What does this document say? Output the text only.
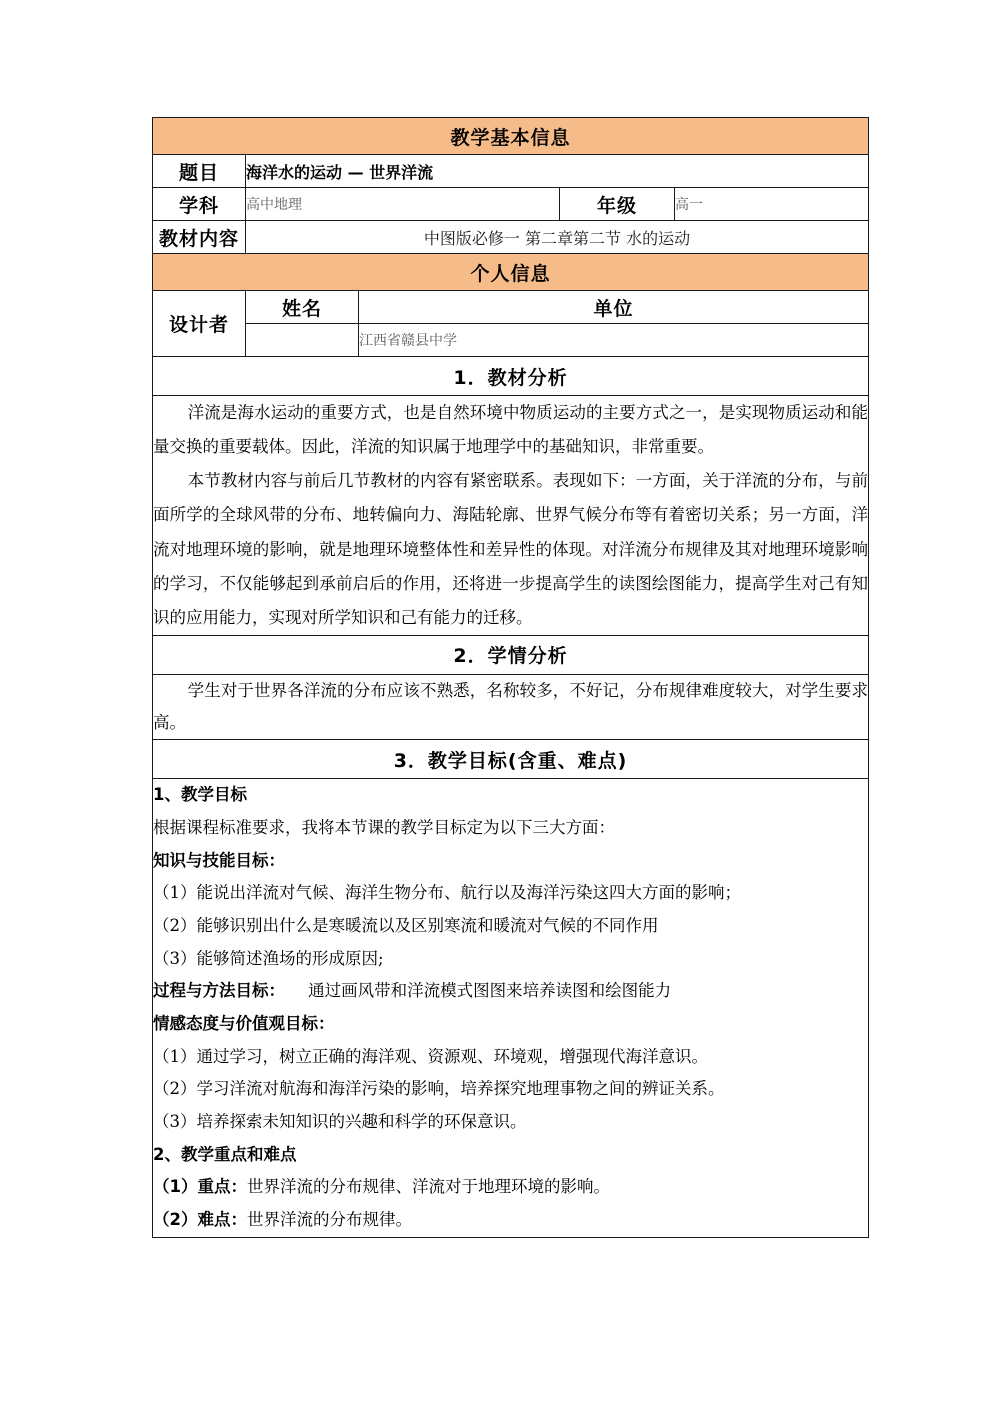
教学基本信息				
题目	海洋水的运动 — 世界洋流			
学科	高中地理		年级	高一
教材内容	中图版必修一 第二章第二节 水的运动			
个人信息				
设计者	姓名	单位		
		江西省赣县中学		
1．教材分析				

洋流是海水运动的重要方式，也是自然环境中物质运动的主要方式之一，是实现物质运动和能量交换的重要载体。因此，洋流的知识属于地理学中的基础知识，非常重要。

本节教材内容与前后几节教材的内容有紧密联系。表现如下：一方面，关于洋流的分布，与前面所学的全球风带的分布、地转偏向力、海陆轮廓、世界气候分布等有着密切关系；另一方面，洋流对地理环境的影响，就是地理环境整体性和差异性的体现。对洋流分布规律及其对地理环境影响的学习，不仅能够起到承前启后的作用，还将进一步提高学生的读图绘图能力，提高学生对己有知识的应用能力，实现对所学知识和己有能力的迁移。				

2．学情分析				

学生对于世界各洋流的分布应该不熟悉，名称较多，不好记，分布规律难度较大，对学生要求高。				

3．教学目标(含重、难点)				

1、教学目标

根据课程标准要求，我将本节课的教学目标定为以下三大方面：

知识与技能目标：

（1）能说出洋流对气候、海洋生物分布、航行以及海洋污染这四大方面的影响；

（2）能够识别出什么是寒暖流以及区别寒流和暖流对气候的不同作用

（3）能够简述渔场的形成原因;

过程与方法目标： 通过画风带和洋流模式图图来培养读图和绘图能力

情感态度与价值观目标：

（1）通过学习，树立正确的海洋观、资源观、环境观，增强现代海洋意识。

（2）学习洋流对航海和海洋污染的影响，培养探究地理事物之间的辨证关系。

（3）培养探索未知知识的兴趣和科学的环保意识。

2、教学重点和难点

（1）重点：世界洋流的分布规律、洋流对于地理环境的影响。

（2）难点：世界洋流的分布规律。
